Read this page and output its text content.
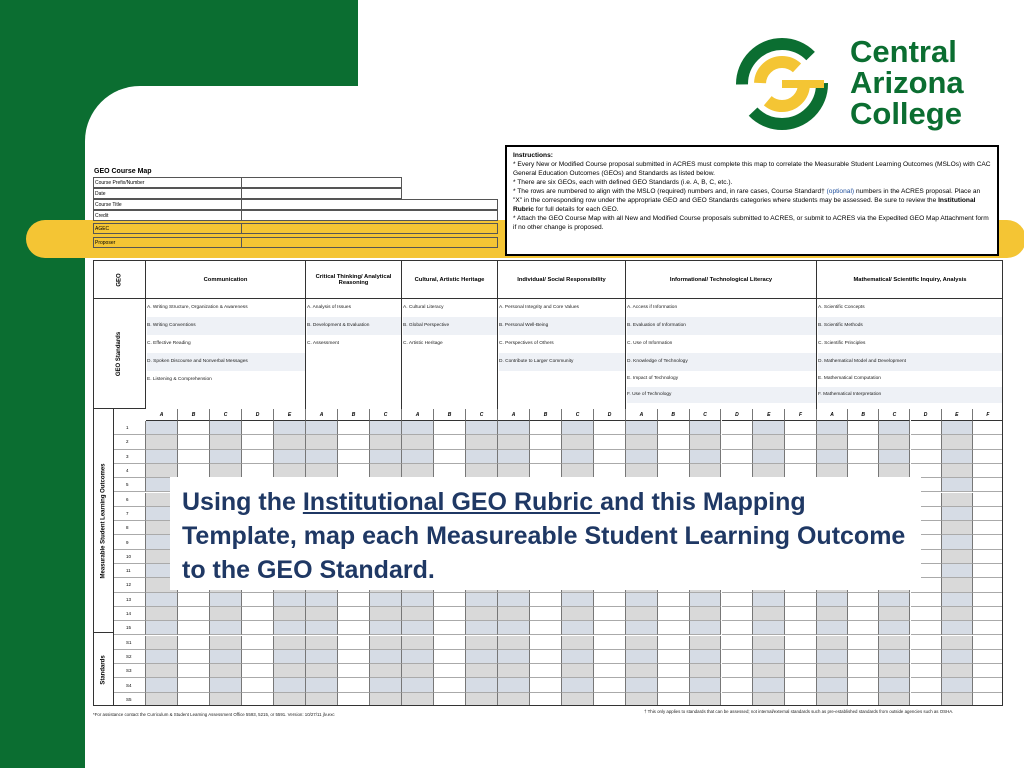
Central
Arizona
College
GEO Course Map
Course Prefix/Number
Date
Course Title
Credit
AGEC
Proposer
Instructions:
* Every New or Modified Course proposal submitted in ACRES must complete this map to correlate the Measurable Student Learning Outcomes (MSLOs) with CAC General Education Outcomes (GEOs) and Standards as listed below.
* There are six GEOs, each with defined GEO Standards (i.e. A, B, C, etc.).
* The rows are numbered to align with the MSLO (required) numbers and, in rare cases, Course Standard† (optional) numbers in the ACRES proposal. Place an "X" in the corresponding row under the appropriate GEO and GEO Standards categories where students may be assessed. Be sure to review the Institutional Rubric for full details for each GEO.
* Attach the GEO Course Map with all New and Modified Course proposals submitted to ACRES, or submit to ACRES via the Expedited GEO Map Attachment form if no other change is proposed.
GEO
GEO Standards
Measurable Student Learning Outcomes
Standards
1
2
3
4
5
6
7
8
9
10
11
12
13
14
15
S1
S2
S3
S4
S5
Communication
A. Writing Structure, Organization & Awareness
B. Writing Conventions
C. Effective Reading
D. Spoken Discourse and Nonverbal Messages
E. Listening & Comprehension
A	B	C	D	E
Critical Thinking/ Analytical Reasoning
A. Analysis of Issues
B. Development & Evaluation
C. Assessment
A	B	C
Cultural, Artistic Heritage
A. Cultural Literacy
B. Global Perspective
C. Artistic Heritage
A	B	C
Individual/ Social Responsibility
A. Personal Integrity and Core Values
B. Personal Well-Being
C. Perspectives of Others
D. Contribute to Larger Community
A	B	C	D
Informational/ Technological Literacy
A. Access if Information
B. Evaluation of Information
C. Use of Information
D. Knowledge of Technology
E. Impact of Technology
F. Use of Technology
A	B	C	D	E	F
Mathematical/ Scientific Inquiry, Analysis
A. Scientific Concepts
B. Scientific Methods
C. Scientific Principles
D. Mathematical Model and Development
E. Mathematical Computation
F. Mathematical Interpretation
A	B	C	D	E	F
*For assistance contact the Curriculum & Student Learning Assessment Office 5593, 5215, or 5591. Version: 10/27/11 jlv.exc
† This only applies to standards that can be assessed; not internal/external standards such as pre-established standards from outside agencies such as OSHA.
Using the Institutional GEO Rubric and this Mapping Template, map each Measureable Student Learning Outcome to the GEO Standard.
